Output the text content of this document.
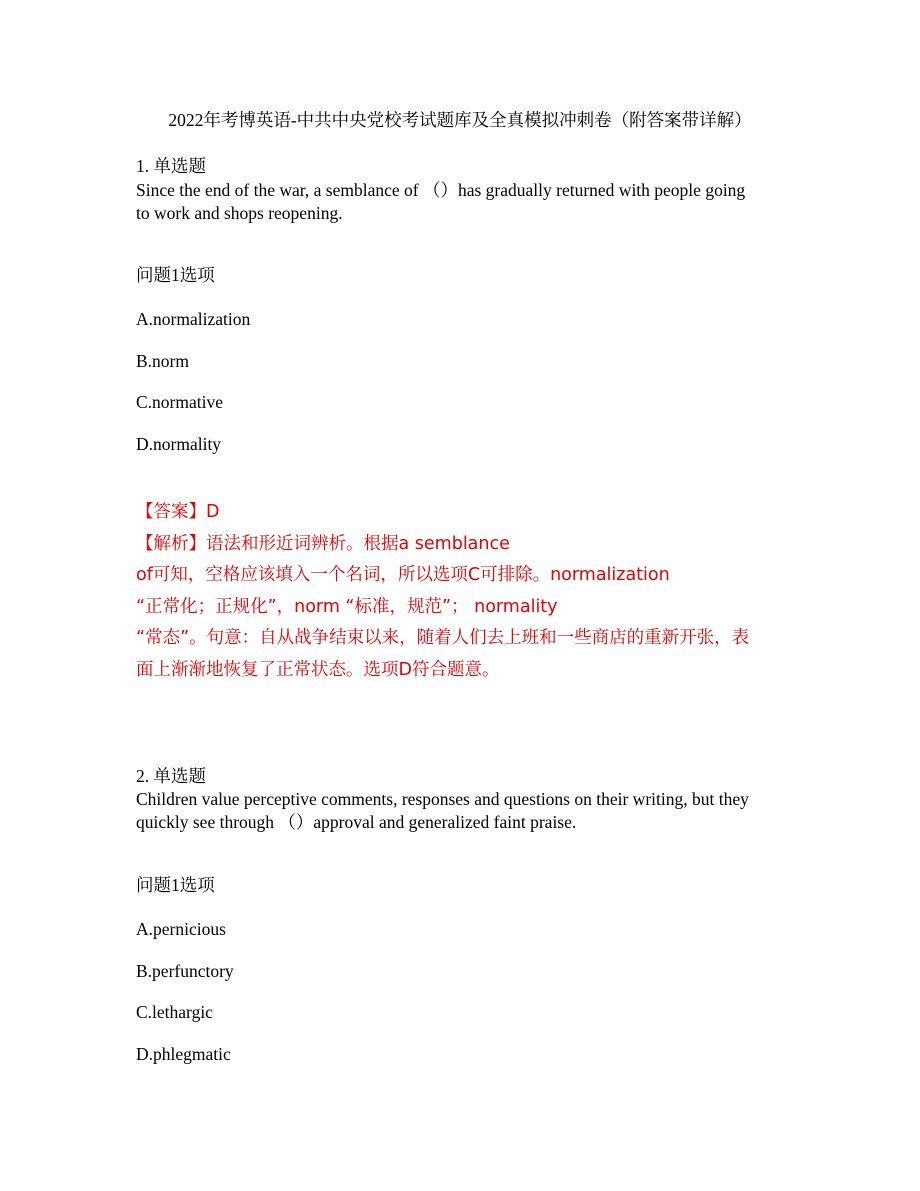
2022年考博英语-中共中央党校考试题库及全真模拟冲刺卷（附答案带详解）
1. 单选题
Since the end of the war, a semblance of （）has gradually returned with people going
to work and shops reopening.
问题1选项
A.normalization
B.norm
C.normative
D.normality
【答案】D
【解析】语法和形近词辨析。根据a semblance
of可知，空格应该填入一个名词，所以选项C可排除。normalization
“正常化；正规化”，norm “标准，规范”； normality
“常态”。句意：自从战争结束以来，随着人们去上班和一些商店的重新开张，表
面上渐渐地恢复了正常状态。选项D符合题意。
2. 单选题
Children value perceptive comments, responses and questions on their writing, but they
quickly see through （）approval and generalized faint praise.
问题1选项
A.pernicious
B.perfunctory
C.lethargic
D.phlegmatic
